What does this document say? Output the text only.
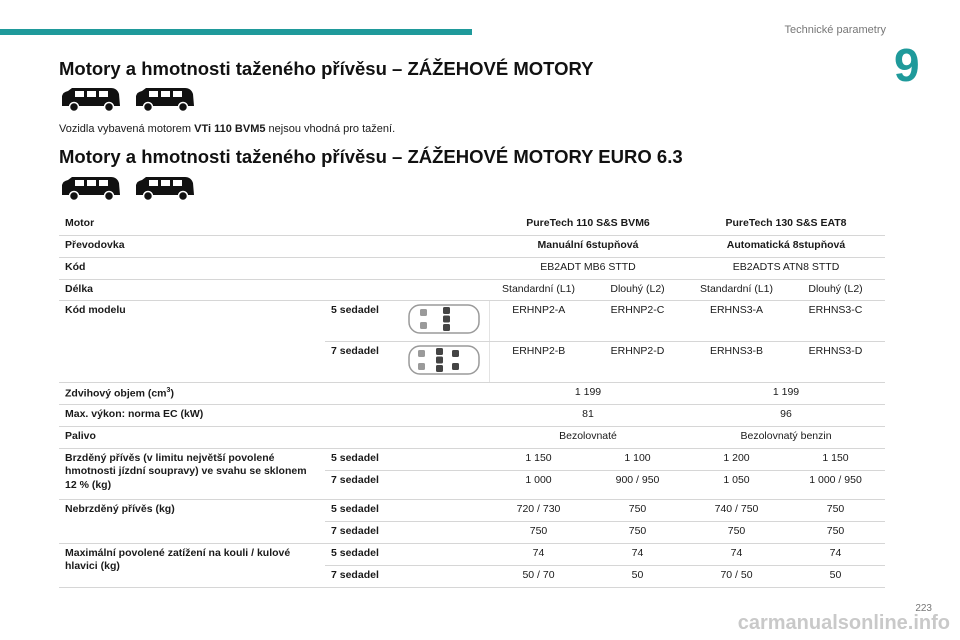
Technické parametry
9
Motory a hmotnosti taženého přívěsu – ZÁŽEHOVÉ MOTORY
Vozidla vybavená motorem VTi 110 BVM5 nejsou vhodná pro tažení.
Motory a hmotnosti taženého přívěsu – ZÁŽEHOVÉ MOTORY EURO 6.3
Motor			PureTech 110 S&S BVM6		PureTech 130 S&S EAT8	
Převodovka			Manuální 6stupňová		Automatická 8stupňová	
Kód			EB2ADT MB6 STTD		EB2ADTS ATN8 STTD	
Délka			Standardní (L1)	Dlouhý (L2)	Standardní (L1)	Dlouhý (L2)
Kód modelu	5 sedadel		ERHNP2-A	ERHNP2-C	ERHNS3-A	ERHNS3-C
	7 sedadel		ERHNP2-B	ERHNP2-D	ERHNS3-B	ERHNS3-D
Zdvihový objem $(cm^3)$			1 199		1 199	
Max. výkon: norma EC (kW)			81		96	
Palivo			Bezolovnaté		Bezolovnatý benzin	
Brzděný přívěs (v limitu největší povolené hmotnosti jízdní soupravy) ve svahu se sklonem 12 % (kg)	5 sedadel		1 150	1 100	1 200	1 150
	7 sedadel		1 000	900 / 950	1 050	1 000 / 950
Nebrzděný přívěs (kg)	5 sedadel		720 / 730	750	740 / 750	750
	7 sedadel		750	750	750	750
Maximální povolené zatížení na kouli / kulové hlavici (kg)	5 sedadel		74	74	74	74
	7 sedadel		50 / 70	50	70 / 50	50
223
carmanualsonline.info
